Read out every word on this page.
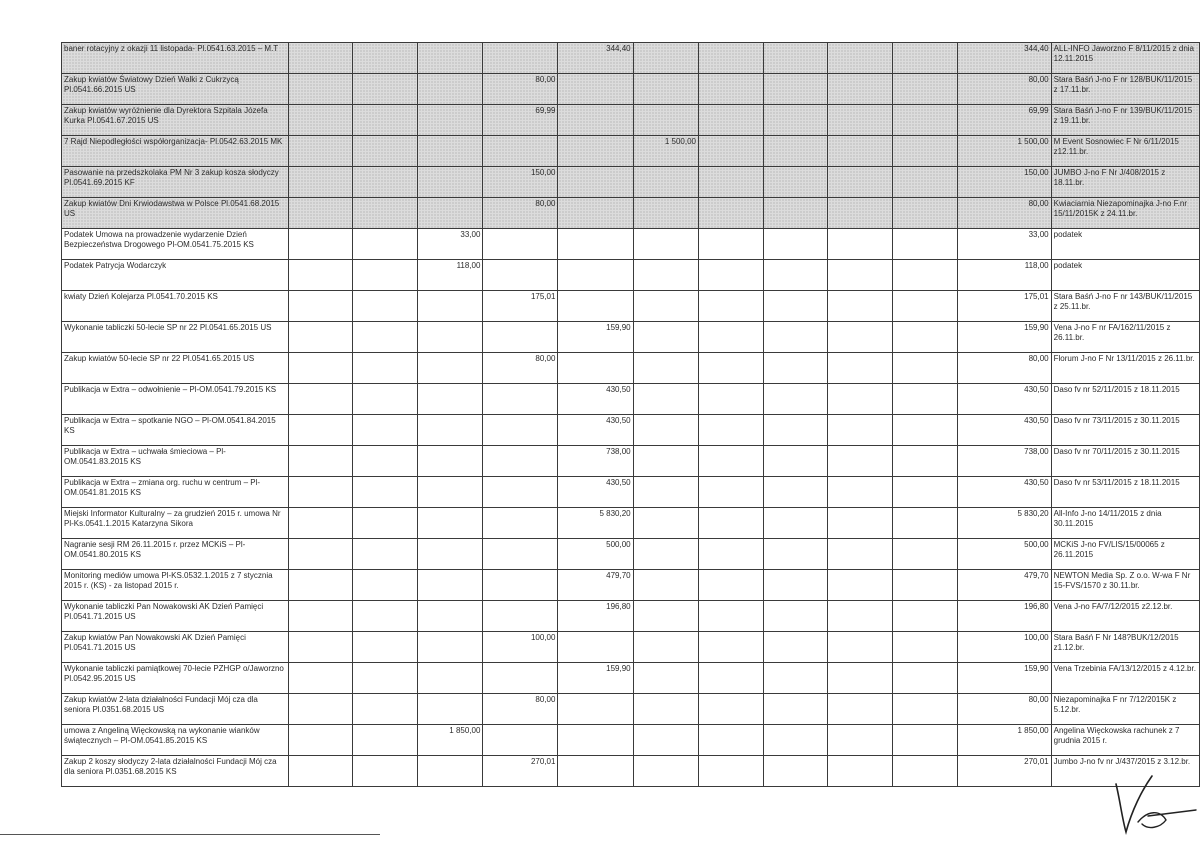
baner rotacyjny z okazji 11 listopada- Pl.0541.63.2015 – M.T					344,40						344,40	ALL-INFO Jaworzno F 8/11/2015 z dnia 12.11.2015
Zakup kwiatów Światowy Dzień Walki z Cukrzycą Pl.0541.66.2015 US				80,00							80,00	Stara Baśń J-no F nr 128/BUK/11/2015 z 17.11.br.
Zakup kwiatów wyróżnienie dla Dyrektora Szpitala Józefa Kurka Pl.0541.67.2015 US				69,99							69,99	Stara Baśń J-no F nr 139/BUK/11/2015 z 19.11.br.
7 Rajd Niepodległości współorganizacja- Pl.0542.63.2015 MK						1 500,00					1 500,00	M Event Sosnowiec F Nr 6/11/2015 z12.11.br.
Pasowanie na przedszkolaka PM Nr 3 zakup kosza słodyczy Pl.0541.69.2015 KF				150,00							150,00	JUMBO J-no F Nr J/408/2015 z 18.11.br.
Zakup kwiatów Dni Krwiodawstwa w Polsce Pl.0541.68.2015 US				80,00							80,00	Kwiaciarnia Niezapominajka J-no F.nr 15/11/2015K z 24.11.br.
Podatek Umowa na prowadzenie wydarzenie Dzień Bezpieczeństwa Drogowego Pl-OM.0541.75.2015 KS			33,00								33,00	podatek
Podatek Patrycja Wodarczyk			118,00								118,00	podatek
kwiaty Dzień Kolejarza Pl.0541.70.2015 KS				175,01							175,01	Stara Baśń J-no F nr 143/BUK/11/2015 z 25.11.br.
Wykonanie tabliczki 50-lecie SP nr 22 Pl.0541.65.2015 US					159,90						159,90	Vena J-no F nr FA/162/11/2015 z 26.11.br.
Zakup kwiatów 50-lecie SP nr 22 Pl.0541.65.2015 US				80,00							80,00	Florum J-no F Nr 13/11/2015 z 26.11.br.
Publikacja w Extra – odwołnienie – Pl-OM.0541.79.2015 KS					430,50						430,50	Daso fv nr 52/11/2015 z 18.11.2015
Publikacja w Extra – spotkanie NGO – Pl-OM.0541.84.2015 KS					430,50						430,50	Daso fv nr 73/11/2015 z 30.11.2015
Publikacja w Extra – uchwała śmieciowa – Pl-OM.0541.83.2015 KS					738,00						738,00	Daso fv nr 70/11/2015 z 30.11.2015
Publikacja w Extra – zmiana org. ruchu w centrum – Pl-OM.0541.81.2015 KS					430,50						430,50	Daso fv nr 53/11/2015 z 18.11.2015
Miejski Informator Kulturalny – za grudzień 2015 r. umowa Nr Pl-Ks.0541.1.2015 Katarzyna Sikora					5 830,20						5 830,20	All-Info J-no 14/11/2015 z dnia 30.11.2015
Nagranie sesji RM 26.11.2015 r. przez MCKiS – Pl-OM.0541.80.2015 KS					500,00						500,00	MCKiS J-no FV/LIS/15/00065 z 26.11.2015
Monitoring mediów umowa Pl-KS.0532.1.2015 z 7 stycznia 2015 r. (KS) - za listopad 2015 r.					479,70						479,70	NEWTON Media Sp. Z o.o. W-wa F Nr 15-FVS/1570 z 30.11.br.
Wykonanie tabliczki Pan Nowakowski AK Dzień Pamięci Pl.0541.71.2015 US					196,80						196,80	Vena J-no FA/7/12/2015 z2.12.br.
Zakup kwiatów Pan Nowakowski AK Dzień Pamięci Pl.0541.71.2015 US				100,00							100,00	Stara Baśń F Nr 148?BUK/12/2015 z1.12.br.
Wykonanie tabliczki pamiątkowej 70-lecie PZHGP o/Jaworzno Pl.0542.95.2015 US					159,90						159,90	Vena Trzebinia FA/13/12/2015 z 4.12.br.
Zakup kwiatów 2-lata działalności Fundacji Mój cza dla seniora Pl.0351.68.2015 US				80,00							80,00	Niezapominajka F nr 7/12/2015K z 5.12.br.
umowa z Angeliną Więckowską na wykonanie wianków świątecznych – Pl-OM.0541.85.2015 KS			1 850,00								1 850,00	Angelina Więckowska rachunek z 7 grudnia 2015 r.
Zakup 2 koszy słodyczy 2-lata działalności Fundacji Mój cza dla seniora Pl.0351.68.2015 KS				270,01							270,01	Jumbo J-no fv nr J/437/2015 z 3.12.br.
